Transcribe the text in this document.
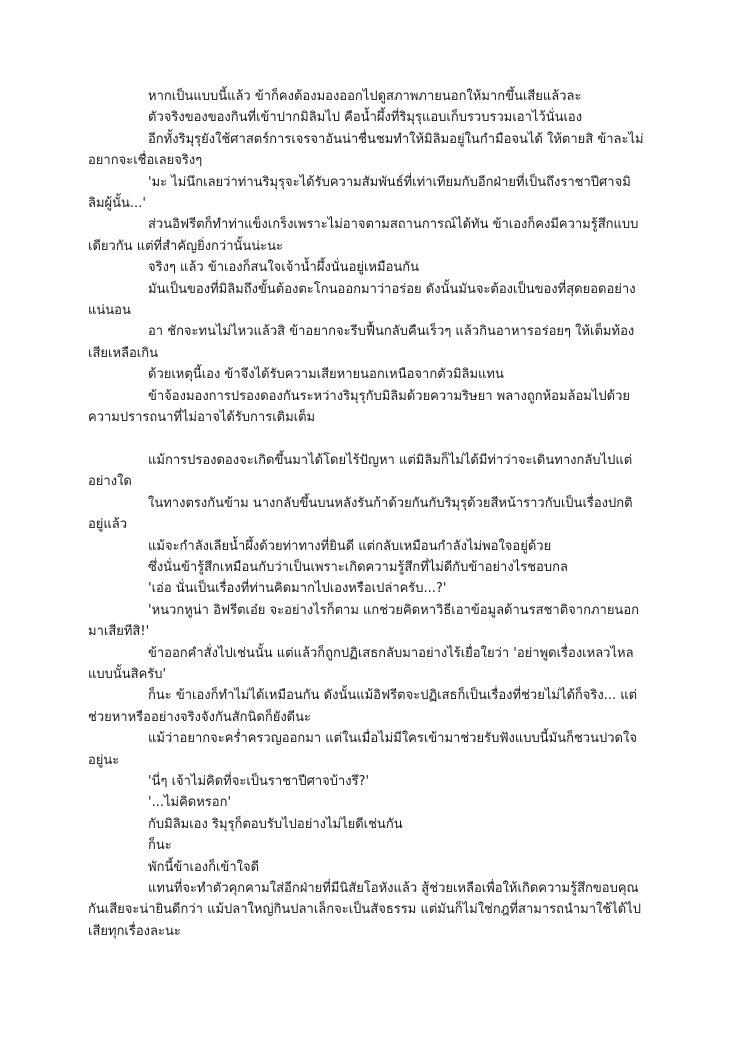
หากเป็นแบบนี้แล้ว ข้าก็คงต้องมองออกไปดูสภาพภายนอกให้มากขึ้นเสียแล้วละ

ตัวจริงของของกินที่เข้าปากมิลิมไป คือน้ำผึ้งที่ริมุรุแอบเก็บรวบรวมเอาไว้นั่นเอง

อีกทั้งริมุรุยังใช้ศาสตร์การเจรจาอันน่าชื่นชมทำให้มิลิมอยู่ในกำมือจนได้ ให้ตายสิ ข้าละไม่อยากจะเชื่อเลยจริงๆ

'มะ ไม่นึกเลยว่าท่านริมุรุจะได้รับความสัมพันธ์ที่เท่าเทียมกับอีกฝ่ายที่เป็นถึงราชาปีศาจมิลิมผู้นั้น...'

ส่วนอิฟรีตก็ทำท่าแข็งเกร็งเพราะไม่อาจตามสถานการณ์ได้ทัน ข้าเองก็คงมีความรู้สึกแบบเดียวกัน แต่ที่สำคัญยิ่งกว่านั้นน่ะนะ

จริงๆ แล้ว ข้าเองก็สนใจเจ้าน้ำผึ้งนั่นอยู่เหมือนกัน

มันเป็นของที่มิลิมถึงขั้นต้องตะโกนออกมาว่าอร่อย ดังนั้นมันจะต้องเป็นของที่สุดยอดอย่างแน่นอน

อา ชักจะทนไม่ไหวแล้วสิ ข้าอยากจะรีบฟื้นกลับคืนเร็วๆ แล้วกินอาหารอร่อยๆ ให้เต็มท้องเสียเหลือเกิน

ด้วยเหตุนี้เอง ข้าจึงได้รับความเสียหายนอกเหนือจากตัวมิลิมแทน

ข้าจ้องมองการปรองดองกันระหว่างริมุรุกับมิลิมด้วยความริษยา พลางถูกห้อมล้อมไปด้วยความปรารถนาที่ไม่อาจได้รับการเติมเต็ม

แม้การปรองดองจะเกิดขึ้นมาได้โดยไร้ปัญหา แต่มิลิมก็ไม่ได้มีท่าว่าจะเดินทางกลับไปแต่อย่างใด

ในทางตรงกันข้าม นางกลับขึ้นบนหลังรันก้าด้วยกันกับริมุรุด้วยสีหน้าราวกับเป็นเรื่องปกติอยู่แล้ว

แม้จะกำลังเลียน้ำผึ้งด้วยท่าทางที่ยินดี แต่กลับเหมือนกำลังไม่พอใจอยู่ด้วย

ซึ่งนั่นข้ารู้สึกเหมือนกับว่าเป็นเพราะเกิดความรู้สึกที่ไม่ดีกับข้าอย่างไรชอบกล

'เอ่อ นั่นเป็นเรื่องที่ท่านคิดมากไปเองหรือเปล่าครับ...?'

'หนวกหูน่า อิฟรีตเอ๋ย จะอย่างไรก็ตาม แกช่วยคิดหาวิธีเอาข้อมูลด้านรสชาติจากภายนอกมาเสียทีสิ!'

ข้าออกคำสั่งไปเช่นนั้น แต่แล้วก็ถูกปฏิเสธกลับมาอย่างไร้เยื่อใยว่า 'อย่าพูดเรื่องเหลวไหลแบบนั้นสิครับ'

ก็นะ ข้าเองก็ทำไม่ได้เหมือนกัน ดังนั้นแม้อิฟรีตจะปฏิเสธก็เป็นเรื่องที่ช่วยไม่ได้ก็จริง... แต่ช่วยหาหรืออย่างจริงจังกันสักนิดก็ยังดีนะ

แม้ว่าอยากจะคร่ำครวญออกมา แต่ในเมื่อไม่มีใครเข้ามาช่วยรับฟังแบบนี้มันก็ชวนปวดใจอยู่นะ

'นี่ๆ เจ้าไม่คิดที่จะเป็นราชาปีศาจบ้างรึ?'

'...ไม่คิดหรอก'

กับมิลิมเอง ริมุรุก็ตอบรับไปอย่างไม่ไยดีเช่นกัน

ก็นะ

พักนี้ข้าเองก็เข้าใจดี

แทนที่จะทำตัวคุกคามใส่อีกฝ่ายที่มีนิสัยโอหังแล้ว สู้ช่วยเหลือเพื่อให้เกิดความรู้สึกขอบคุณกันเสียจะน่ายินดีกว่า แม้ปลาใหญ่กินปลาเล็กจะเป็นสัจธรรม แต่มันก็ไม่ใช่กฎที่สามารถนำมาใช้ได้ไปเสียทุกเรื่องละนะ
